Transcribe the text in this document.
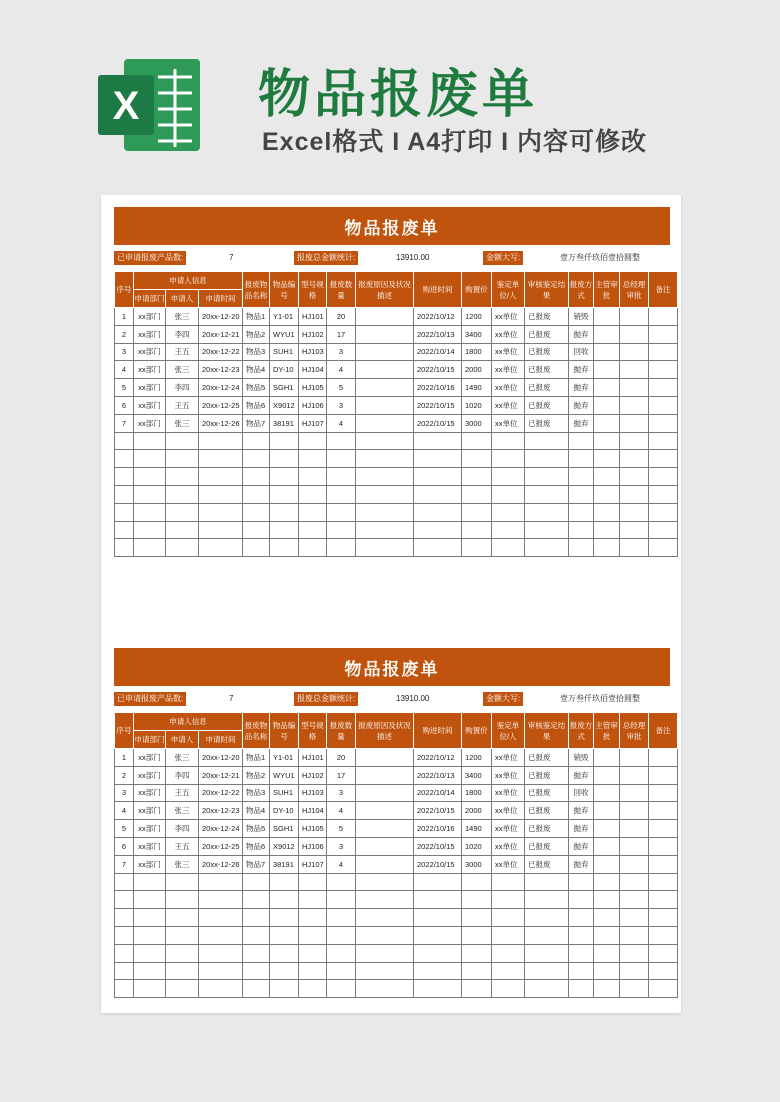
X 物品报废单
Excel格式 I A4打印 I 内容可修改
物品报废单
已申请报废产品数:	7	报废总金额统计:	13910.00	金额大写:	壹万叁仟玖佰壹拾圆整
序号	申请人信息			报废物品名称	物品编号	型号规格	报废数量	报废原因及状况描述	购进时间	购置价	鉴定单位/人	审核鉴定结果	报废方式	主管审批	总经理审批	备注
	申请部门	申请人	申请时间													
1	xx部门	张三	20xx-12-20	物品1	Y1-01	HJ101	20		2022/10/12	1200	xx单位	已报废	销毁			
2	xx部门	李四	20xx-12-21	物品2	WYU1	HJ102	17		2022/10/13	3400	xx单位	已报废	抛弃			
3	xx部门	王五	20xx-12-22	物品3	SUH1	HJ103	3		2022/10/14	1800	xx单位	已报废	回收			
4	xx部门	张三	20xx-12-23	物品4	DY-10	HJ104	4		2022/10/15	2000	xx单位	已报废	抛弃			
5	xx部门	李四	20xx-12-24	物品5	SGH1	HJ105	5		2022/10/16	1490	xx单位	已报废	抛弃			
6	xx部门	王五	20xx-12-25	物品6	X9012	HJ106	3		2022/10/15	1020	xx单位	已报废	抛弃			
7	xx部门	张三	20xx-12-26	物品7	38191	HJ107	4		2022/10/15	3000	xx单位	已报废	抛弃			

物品报废单
已申请报废产品数:	7	报废总金额统计:	13910.00	金额大写:	壹万叁仟玖佰壹拾圆整
序号	申请人信息			报废物品名称	物品编号	型号规格	报废数量	报废原因及状况描述	购进时间	购置价	鉴定单位/人	审核鉴定结果	报废方式	主管审批	总经理审批	备注
	申请部门	申请人	申请时间													
1	xx部门	张三	20xx-12-20	物品1	Y1-01	HJ101	20		2022/10/12	1200	xx单位	已报废	销毁			
2	xx部门	李四	20xx-12-21	物品2	WYU1	HJ102	17		2022/10/13	3400	xx单位	已报废	抛弃			
3	xx部门	王五	20xx-12-22	物品3	SUH1	HJ103	3		2022/10/14	1800	xx单位	已报废	回收			
4	xx部门	张三	20xx-12-23	物品4	DY-10	HJ104	4		2022/10/15	2000	xx单位	已报废	抛弃			
5	xx部门	李四	20xx-12-24	物品5	SGH1	HJ105	5		2022/10/16	1490	xx单位	已报废	抛弃			
6	xx部门	王五	20xx-12-25	物品6	X9012	HJ106	3		2022/10/15	1020	xx单位	已报废	抛弃			
7	xx部门	张三	20xx-12-26	物品7	38191	HJ107	4		2022/10/15	3000	xx单位	已报废	抛弃			
